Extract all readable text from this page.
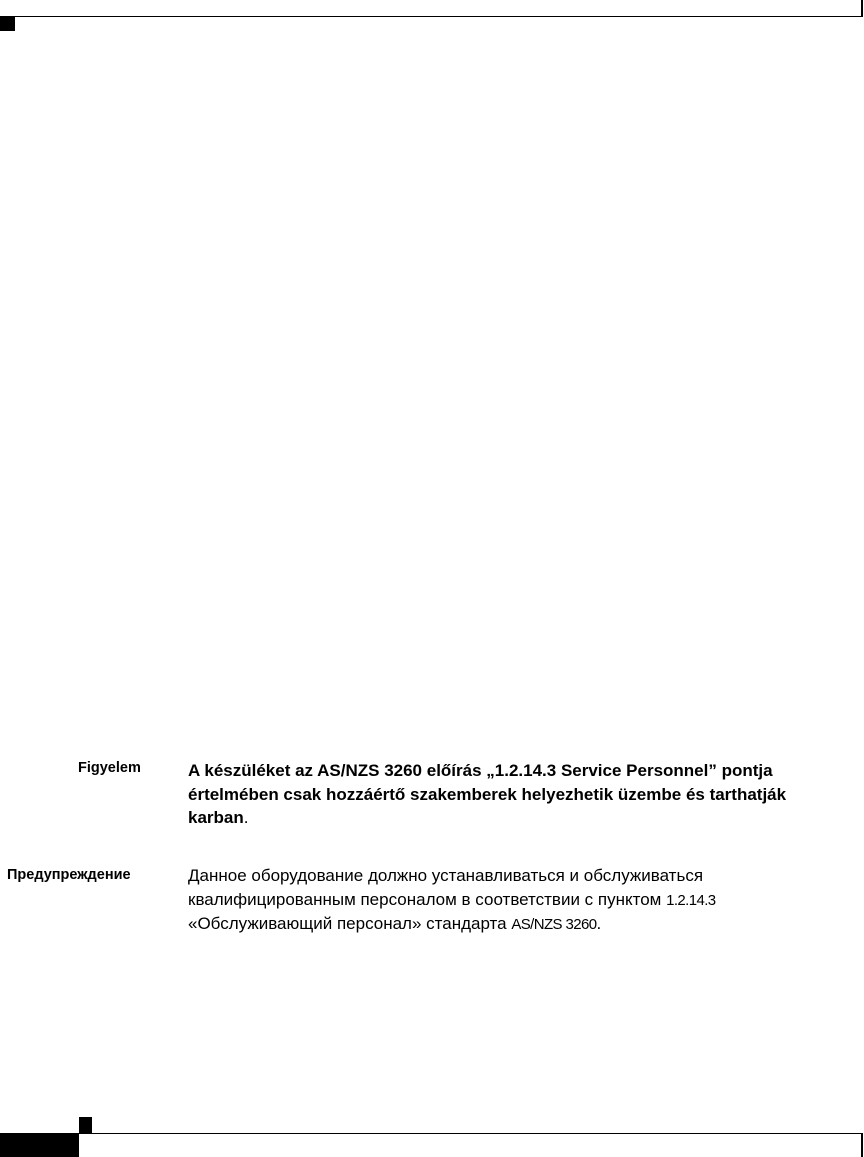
Figyelem	A készüléket az AS/NZS 3260 előírás „1.2.14.3 Service Personnel” pontja értelmében csak hozzáértő szakemberek helyezhetik üzembe és tarthatják karban.
Предупреждение	Данное оборудование должно устанавливаться и обслуживаться квалифицированным персоналом в соответствии с пунктом 1.2.14.3 «Обслуживающий персонал» стандарта AS/NZS 3260.
